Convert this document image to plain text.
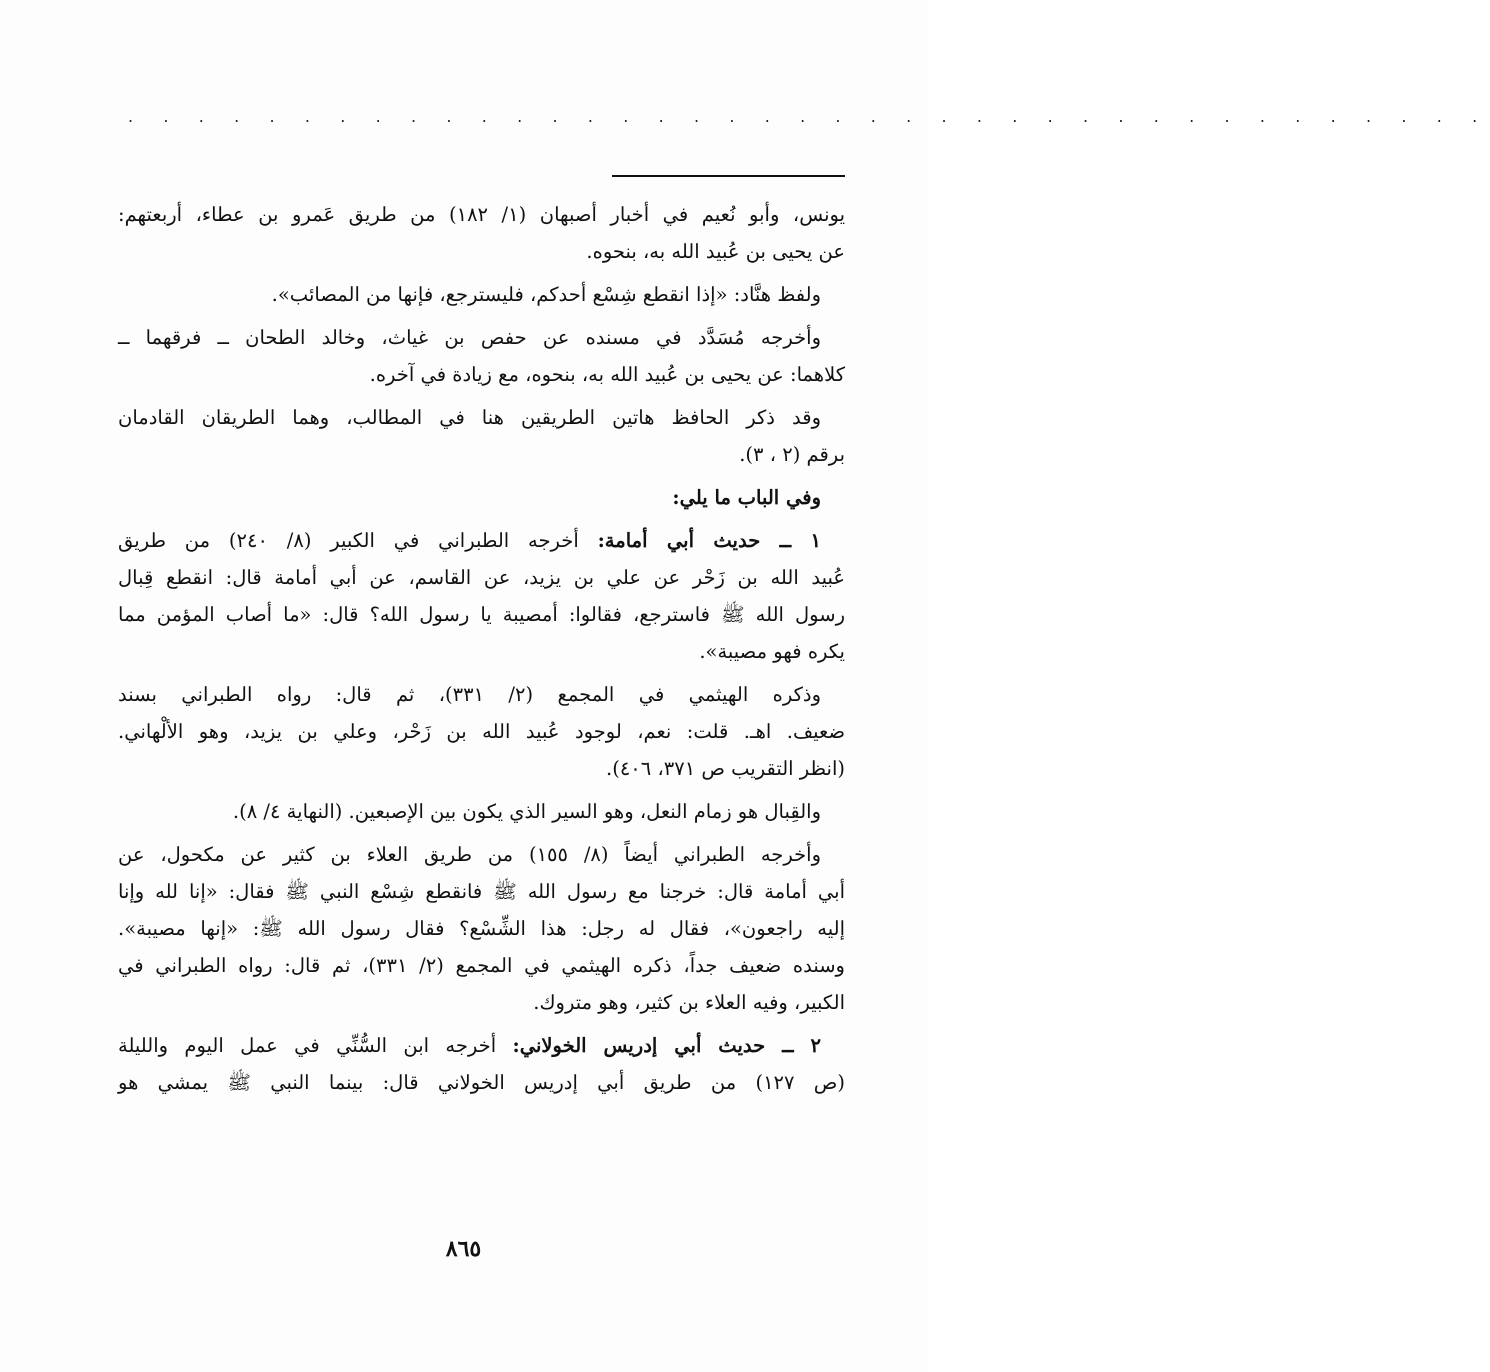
. . . . . . . . . . . . . . . . . . . . . . . . . . . . . . . . . . . . . . .

يونس، وأبو نُعيم في أخبار أصبهان (١/ ١٨٢) من طريق عَمرو بن عطاء، أربعتهم:
عن يحيى بن عُبيد الله به، بنحوه.

ولفظ هنَّاد: «إذا انقطع شِسْع أحدكم، فليسترجع، فإنها من المصائب».

وأخرجه مُسَدَّد في مسنده عن حفص بن غياث، وخالد الطحان ــ فرقهما ــ
كلاهما: عن يحيى بن عُبيد الله به، بنحوه، مع زيادة في آخره.

وقد ذكر الحافظ هاتين الطريقين هنا في المطالب، وهما الطريقان القادمان
برقم (٢ ، ٣).

وفي الباب ما يلي:

١ ــ حديث أبي أمامة: أخرجه الطبراني في الكبير (٨/ ٢٤٠) من طريق
عُبيد الله بن زَحْر عن علي بن يزيد، عن القاسم، عن أبي أمامة قال: انقطع قِبال
رسول الله ﷺ فاسترجع، فقالوا: أمصيبة يا رسول الله؟ قال: «ما أصاب المؤمن مما
يكره فهو مصيبة».

وذكره الهيثمي في المجمع (٢/ ٣٣١)، ثم قال: رواه الطبراني بسند
ضعيف. اهـ. قلت: نعم، لوجود عُبيد الله بن زَحْر، وعلي بن يزيد، وهو الألْهاني.
(انظر التقريب ص ٣٧١، ٤٠٦).

والقِبال هو زمام النعل، وهو السير الذي يكون بين الإصبعين. (النهاية ٤/ ٨).

وأخرجه الطبراني أيضاً (٨/ ١٥٥) من طريق العلاء بن كثير عن مكحول، عن
أبي أمامة قال: خرجنا مع رسول الله ﷺ فانقطع شِسْع النبي ﷺ فقال: «إنا لله وإنا
إليه راجعون»، فقال له رجل: هذا الشِّسْع؟ فقال رسول الله ﷺ: «إنها مصيبة».
وسنده ضعيف جداً، ذكره الهيثمي في المجمع (٢/ ٣٣١)، ثم قال: رواه الطبراني في
الكبير، وفيه العلاء بن كثير، وهو متروك.

٢ ــ حديث أبي إدريس الخولاني: أخرجه ابن السُّنِّي في عمل اليوم والليلة
(ص ١٢٧) من طريق أبي إدريس الخولاني قال: بينما النبي ﷺ يمشي هو

٨٦٥
